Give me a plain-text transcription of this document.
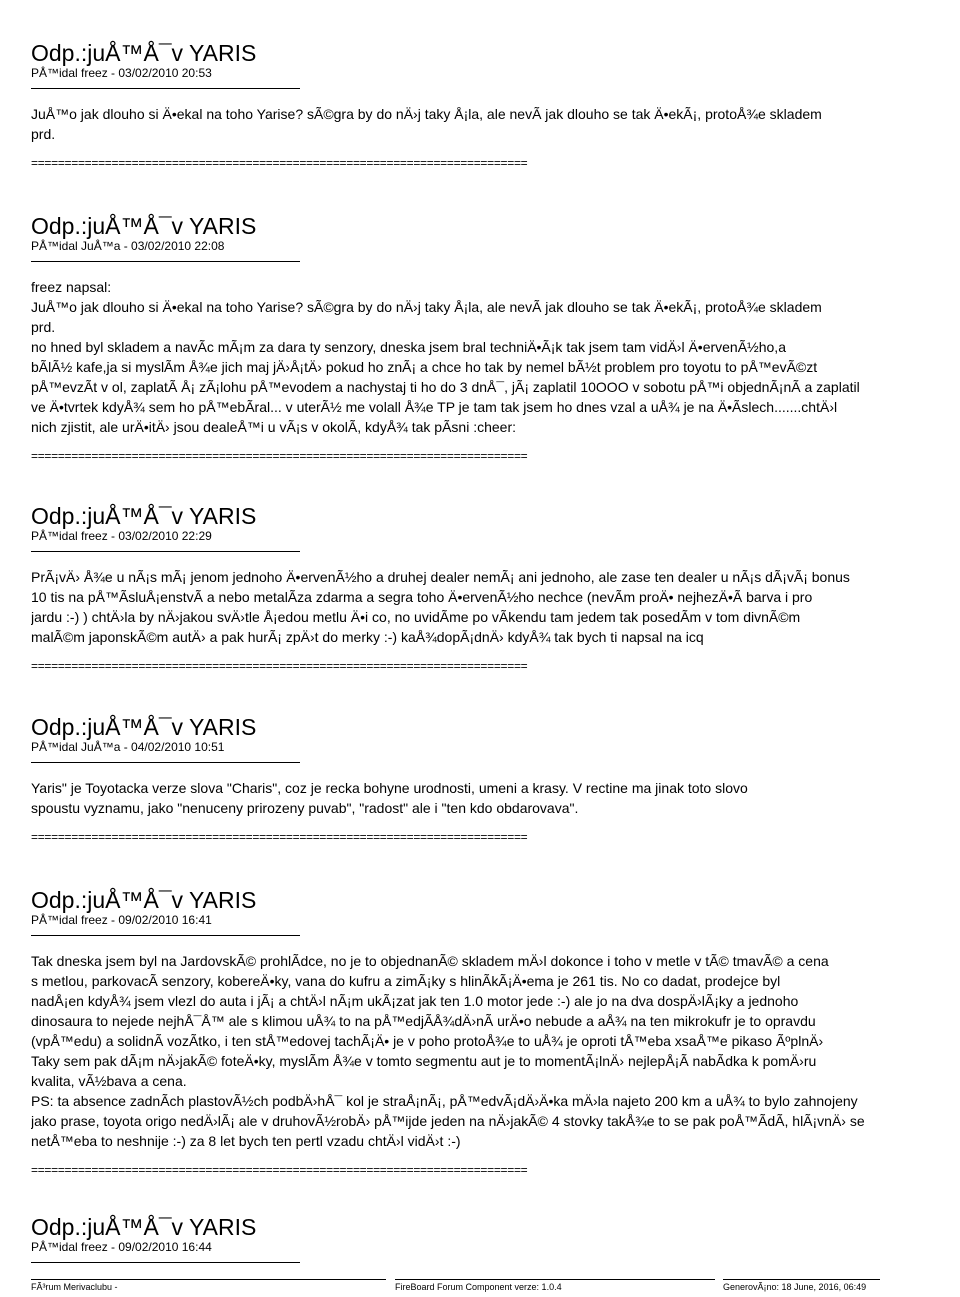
Odp.:juÅ™Å¯v YARIS
PÅ™idal freez - 03/02/2010 20:53
JuÅ™o jak dlouho si Ä•ekal na toho Yarise? sÃ©gra by do nÄ›j taky Å¡la, ale nevÃ jak dlouho se tak Ä•ekÃ¡, protoÅ¾e skladem
prd.
==========================================================================
Odp.:juÅ™Å¯v YARIS
PÅ™idal JuÅ™a - 03/02/2010 22:08
freez napsal:
JuÅ™o jak dlouho si Ä•ekal na toho Yarise? sÃ©gra by do nÄ›j taky Å¡la, ale nevÃ jak dlouho se tak Ä•ekÃ¡, protoÅ¾e skladem
prd.
no hned byl skladem a navÃc mÃ¡m za dara ty senzory, dneska jsem bral techniÄ•Ã¡k tak jsem tam vidÄ›l Ä•ervenÃ½ho,a
bÃlÃ½ kafe,ja si myslÃm Å¾e jich maj jÄ›Å¡tÄ› pokud ho znÃ¡ a chce ho tak by nemel bÃ½t problem pro toyotu to pÅ™evÃ©zt
pÅ™evzÃt v ol, zaplatÃ Å¡ zÃ¡lohu pÅ™evodem a nachystaj ti ho do 3 dnÅ¯, jÃ¡ zaplatil 10OOO v sobotu pÅ™i objednÃ¡nÃ a zaplatil
ve Ä•tvrtek kdyÅ¾ sem ho pÅ™ebÃral... v uterÃ½ me volall Å¾e TP je tam tak jsem ho dnes vzal a uÅ¾ je na Ä•Ãslech.......chtÄ›l
nich zjistit, ale urÄ•itÄ› jsou dealeÅ™i u vÃ¡s v okolÃ, kdyÅ¾ tak pÃsni :cheer:
==========================================================================
Odp.:juÅ™Å¯v YARIS
PÅ™idal freez - 03/02/2010 22:29
PrÃ¡vÄ› Å¾e u nÃ¡s mÃ¡ jenom jednoho Ä•ervenÃ½ho a druhej dealer nemÃ¡ ani jednoho, ale zase ten dealer u nÃ¡s dÃ¡vÃ¡ bonus
10 tis na pÅ™ÃsluÅ¡enstvÃ a nebo metalÃza zdarma a segra toho Ä•ervenÃ½ho nechce (nevÃm proÄ• nejhezÄ•Ã barva i pro
jardu :-) ) chtÄ›la by nÄ›jakou svÄ›tle Å¡edou metlu Ä•i co, no uvidÃme po vÃkendu tam jedem tak posedÃm v tom divnÃ©m
malÃ©m japonskÃ©m autÄ› a pak hurÃ¡ zpÄ›t do merky :-) kaÅ¾dopÃ¡dnÄ› kdyÅ¾ tak bych ti napsal na icq
==========================================================================
Odp.:juÅ™Å¯v YARIS
PÅ™idal JuÅ™a - 04/02/2010 10:51
Yaris" je Toyotacka verze slova "Charis", coz je recka bohyne urodnosti, umeni a krasy. V rectine ma jinak toto slovo
spoustu vyznamu, jako "nenuceny prirozeny puvab", "radost" ale i "ten kdo obdarovava".
==========================================================================
Odp.:juÅ™Å¯v YARIS
PÅ™idal freez - 09/02/2010 16:41
Tak dneska jsem byl na JardovskÃ© prohlÃdce, no je to objednanÃ© skladem mÄ›l dokonce i toho v metle v tÃ© tmavÃ© a cena
s metlou, parkovacÃ senzory, kobereÄ•ky, vana do kufru a zimÃ¡ky s hlinÃkÃ¡Ä•ema je 261 tis. No co dadat, prodejce byl
nadÅ¡en kdyÅ¾ jsem vlezl do auta i jÃ¡ a chtÄ›l nÃ¡m ukÃ¡zat jak ten 1.0 motor jede :-) ale jo na dva dospÄ›lÃ¡ky a jednoho
dinosaura to nejede nejhÅ¯Å™ ale s klimou uÅ¾ to na pÅ™edjÃÅ¾dÄ›nÃ urÄ•o nebude a aÅ¾ na ten mikrokufr je to opravdu
(vpÅ™edu) a solidnÃ vozÃtko, i ten stÅ™edovej tachÃ¡Ä• je v poho protoÅ¾e to uÅ¾ je oproti tÅ™eba xsaÅ™e pikaso ÃºplnÄ›
Taky sem pak dÃ¡m nÄ›jakÃ© foteÄ•ky, myslÃm Å¾e v tomto segmentu aut je to momentÃ¡lnÄ› nejlepÅ¡Ã nabÃdka k pomÄ›ru
kvalita, vÃ½bava a cena.
PS: ta absence zadnÃch plastovÃ½ch podbÄ›hÅ¯ kol je straÅ¡nÃ¡, pÅ™edvÃ¡dÄ›Ä•ka mÄ›la najeto 200 km a uÅ¾ to bylo zahnojeny
jako prase, toyota origo nedÄ›lÃ¡ ale v druhovÃ½robÄ› pÅ™ijde jeden na nÄ›jakÃ© 4 stovky takÅ¾e to se pak poÅ™ÃdÃ, hlÃ¡vnÄ› se
netÅ™eba to neshnije :-) za 8 let bych ten pertl vzadu chtÄ›l vidÄ›t :-)
==========================================================================
Odp.:juÅ™Å¯v YARIS
PÅ™idal freez - 09/02/2010 16:44
FÃ³rum Merivaclubu -	FireBoard Forum Component verze: 1.0.4	GenerovÃ¡no: 18 June, 2016, 06:49
